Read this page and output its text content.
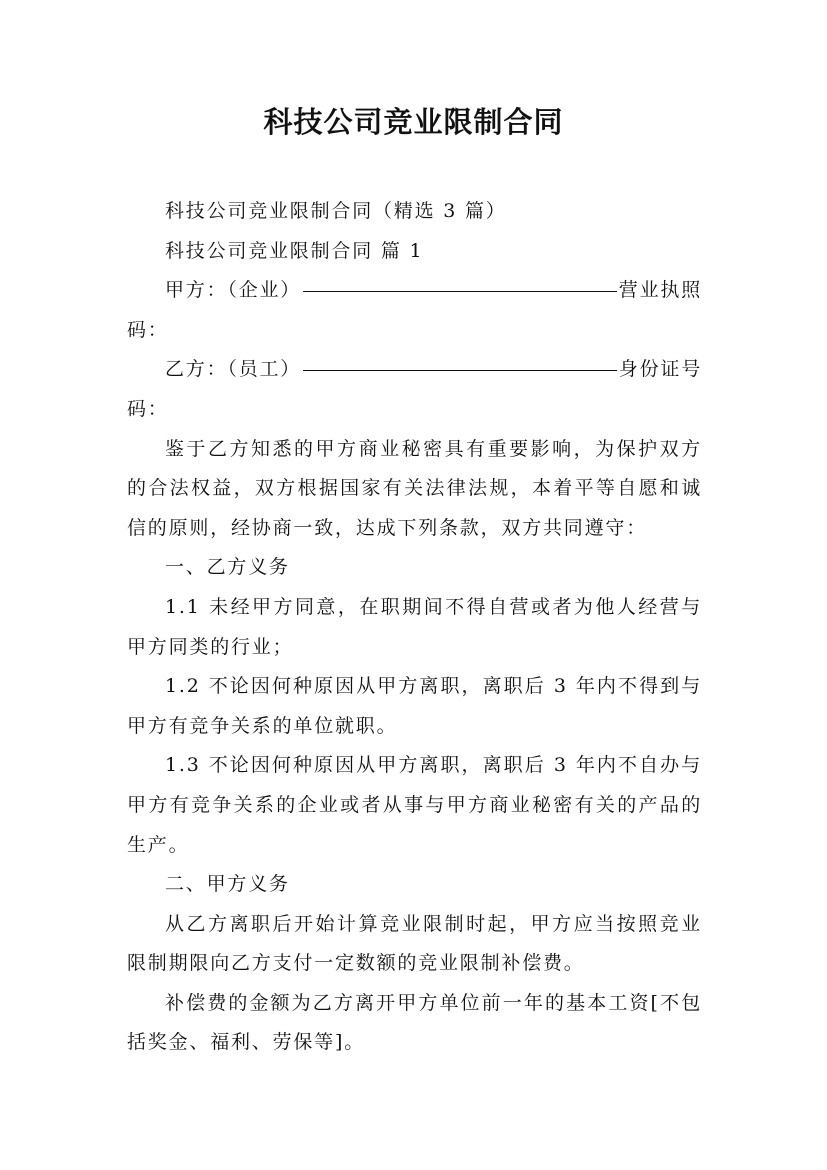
科技公司竞业限制合同

科技公司竞业限制合同（精选 3 篇）

科技公司竞业限制合同 篇 1

甲方：（企业）	营业执照

码：

乙方：（员工）	身份证号

码：

鉴于乙方知悉的甲方商业秘密具有重要影响，为保护双方的合法权益，双方根据国家有关法律法规，本着平等自愿和诚信的原则，经协商一致，达成下列条款，双方共同遵守：

一、乙方义务

1.1 未经甲方同意，在职期间不得自营或者为他人经营与甲方同类的行业；

1.2 不论因何种原因从甲方离职，离职后 3 年内不得到与甲方有竞争关系的单位就职。

1.3 不论因何种原因从甲方离职，离职后 3 年内不自办与甲方有竞争关系的企业或者从事与甲方商业秘密有关的产品的生产。

二、甲方义务

从乙方离职后开始计算竞业限制时起，甲方应当按照竞业限制期限向乙方支付一定数额的竞业限制补偿费。

补偿费的金额为乙方离开甲方单位前一年的基本工资[不包括奖金、福利、劳保等]。
